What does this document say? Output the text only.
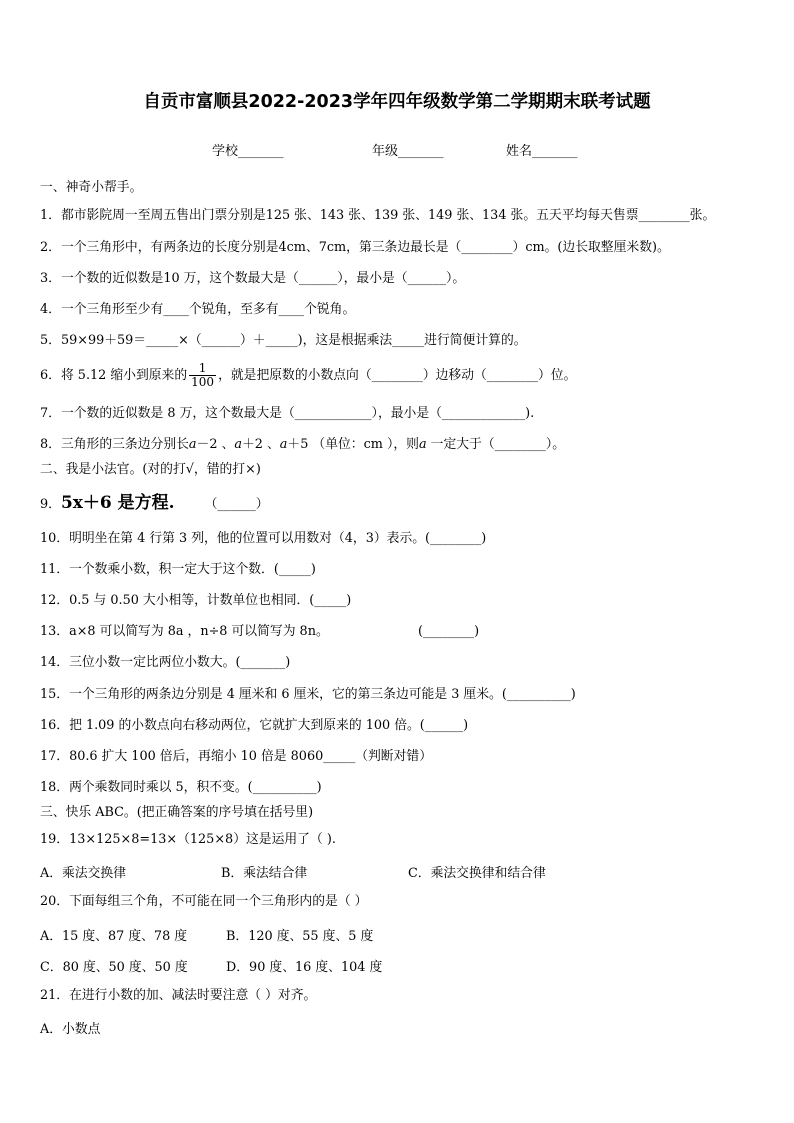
自贡市富顺县2022-2023学年四年级数学第二学期期末联考试题
学校_______	年级_______	姓名_______
一、神奇小帮手。
1．都市影院周一至周五售出门票分别是125 张、143 张、139 张、149 张、134 张。五天平均每天售票________张。
2．一个三角形中，有两条边的长度分别是4cm、7cm，第三条边最长是（________）cm。(边长取整厘米数)。
3．一个数的近似数是10 万，这个数最大是（______），最小是（______）。
4．一个三角形至少有____个锐角，至多有____个锐角。
5．59×99＋59＝_____×（______）＋_____)，这是根据乘法_____进行简便计算的。
6．将 5.12 缩小到原来的 $\frac{1}{100}$ ，就是把原数的小数点向（________）边移动（________）位。
7．一个数的近似数是 8 万，这个数最大是（____________），最小是（_____________).
8．三角形的三条边分别长𝑎－2 、𝑎＋2 、𝑎＋5 （单位：cm ），则𝑎 一定大于（________）。
二、我是小法官。(对的打√，错的打×)
9．5x＋6 是方程. （______）
10．明明坐在第 4 行第 3 列，他的位置可以用数对（4，3）表示。(________)
11．一个数乘小数，积一定大于这个数．(_____)
12．0.5 与 0.50 大小相等，计数单位也相同．(_____)
13．a×8 可以简写为 8a ，n÷8 可以简写为 8n。	(________)
14．三位小数一定比两位小数大。(_______)
15．一个三角形的两条边分别是 4 厘米和 6 厘米，它的第三条边可能是 3 厘米。(__________)
16．把 1.09 的小数点向右移动两位，它就扩大到原来的 100 倍。(______)
17．80.6 扩大 100 倍后，再缩小 10 倍是 8060_____（判断对错）
18．两个乘数同时乘以 5，积不变。(__________)
三、快乐 ABC。(把正确答案的序号填在括号里)
19．13×125×8=13×（125×8）这是运用了（ ).
A．乘法交换律	B．乘法结合律	C．乘法交换律和结合律
20．下面每组三个角，不可能在同一个三角形内的是（ ）
A．15 度、87 度、78 度	B．120 度、55 度、5 度
C．80 度、50 度、50 度	D．90 度、16 度、104 度
21．在进行小数的加、减法时要注意（ ）对齐。
A．小数点
